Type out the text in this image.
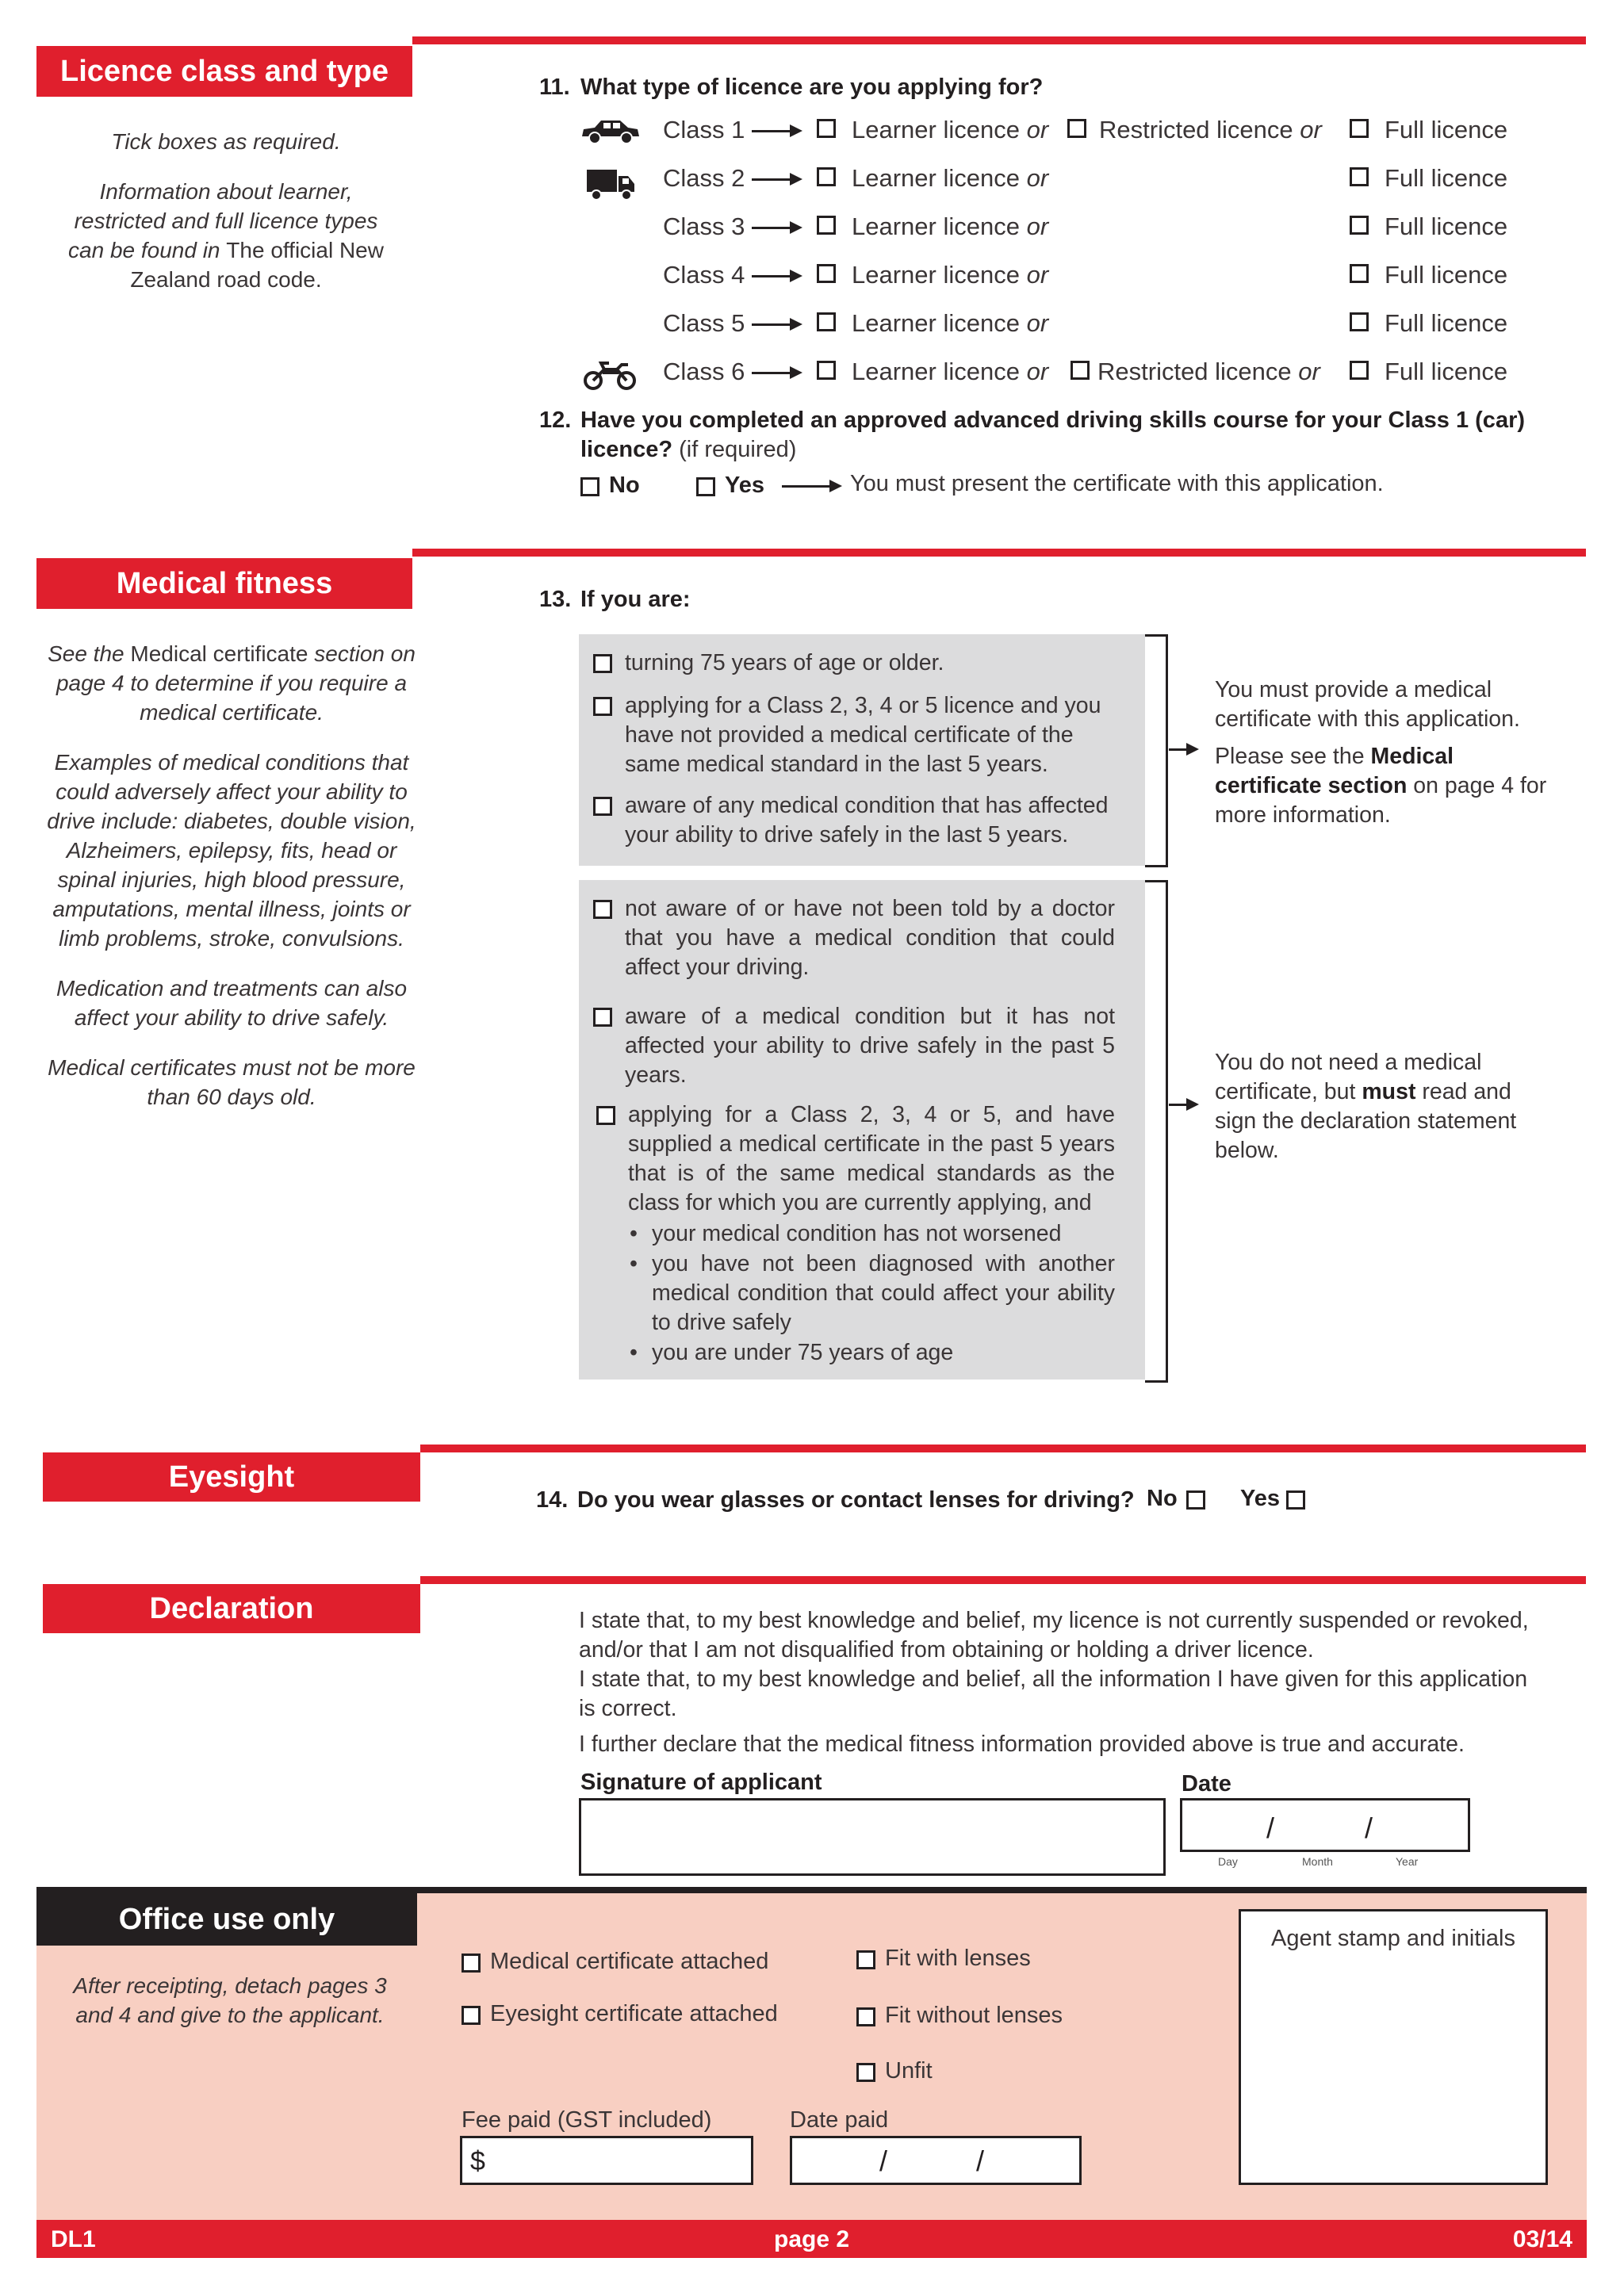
Licence class and type

Tick boxes as required.

Information about learner, restricted and full licence types can be found in The official New Zealand road code.

11. What type of licence are you applying for?
Class 1	Learner licence or Restricted licence or	Full licence
Class 2	Learner licence or	Full licence
Class 3	Learner licence or	Full licence
Class 4	Learner licence or	Full licence
Class 5	Learner licence or	Full licence
Class 6	Learner licence or Restricted licence or	Full licence
12. Have you completed an approved advanced driving skills course for your Class 1 (car)
licence? (if required)
No	Yes	You must present the certificate with this application.
Medical fitness

See the Medical certificate section on page 4 to determine if you require a medical certificate.

Examples of medical conditions that could adversely affect your ability to drive include: diabetes, double vision, Alzheimers, epilepsy, fits, head or spinal injuries, high blood pressure, amputations, mental illness, joints or limb problems, stroke, convulsions.

Medication and treatments can also affect your ability to drive safely.

Medical certificates must not be more than 60 days old.

13. If you are:
turning 75 years of age or older.
applying for a Class 2, 3, 4 or 5 licence and you have not provided a medical certificate of the same medical standard in the last 5 years.
aware of any medical condition that has affected your ability to drive safely in the last 5 years.
You must provide a medical certificate with this application.
Please see the Medical certificate section on page 4 for more information.
not aware of or have not been told by a doctor that you have a medical condition that could affect your driving.
aware of a medical condition but it has not affected your ability to drive safely in the past 5 years.
applying for a Class 2, 3, 4 or 5, and have supplied a medical certificate in the past 5 years that is of the same medical standards as the class for which you are currently applying, and
• your medical condition has not worsened
• you have not been diagnosed with another medical condition that could affect your ability to drive safely
• you are under 75 years of age
You do not need a medical certificate, but must read and sign the declaration statement below.
Eyesight
14. Do you wear glasses or contact lenses for driving? No	Yes
Declaration	I state that, to my best knowledge and belief, my licence is not currently suspended or revoked, and/or that I am not disqualified from obtaining or holding a driver licence.
I state that, to my best knowledge and belief, all the information I have given for this application is correct.
I further declare that the medical fitness information provided above is true and accurate.
Signature of applicant	Date
/	/
Day	Month	Year
Office use only

After receipting, detach pages 3 and 4 and give to the applicant.

Medical certificate attached
Eyesight certificate attached
Fit with lenses
Fit without lenses
Unfit
Fee paid (GST included)
$
Date paid
/	/
Agent stamp and initials
DL1	page 2	03/14
